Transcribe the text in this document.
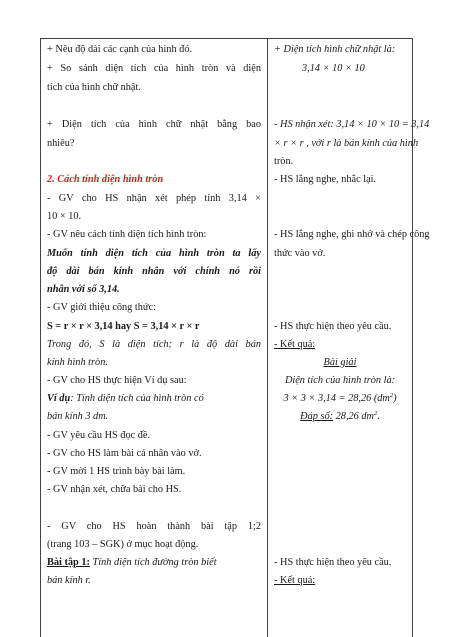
+ Nêu độ dài các cạnh của hình đó.
+ So sánh diện tích của hình tròn và diện
tích của hình chữ nhật.
+ Diện tích của hình chữ nhật bằng bao
nhiêu?
2. Cách tính diện hình tròn
- GV cho HS nhận xét phép tính 3,14 ×
10 × 10.
- GV nêu cách tính diện tích hình tròn:
Muốn tính diện tích của hình tròn ta lấy
độ dài bán kính nhân với chính nó rồi
nhân với số 3,14.
- GV giới thiệu công thức:
S = r × r × 3,14 hay S = 3,14 × r × r
Trong đó, S là diện tích; r là độ dài bán
kính hình tròn.
- GV cho HS thực hiện Ví dụ sau:
Ví dụ: Tính diện tích của hình tròn có
bán kính 3 dm.
- GV yêu cầu HS đọc đề.
- GV cho HS làm bài cá nhân vào vở.
- GV mời 1 HS trình bày bài làm.
- GV nhận xét, chữa bài cho HS.
- GV cho HS hoàn thành bài tập 1;2
(trang 103 – SGK) ở mục hoạt động.
Bài tập 1: Tính diện tích đường tròn biết
bán kính r.
+ Diện tích hình chữ nhật là:
3,14 × 10 × 10
- HS nhận xét: 3,14 × 10 × 10 = 3,14
× r × r , với r là bán kính của hình
tròn.
- HS lắng nghe, nhắc lại.
- HS lắng nghe, ghi nhớ và chép công
thức vào vở.
- HS thực hiện theo yêu cầu.
- Kết quả:
Bài giải
Diện tích của hình tròn là:
3 × 3 × 3,14 = 28,26 $(dm^2)$
Đáp số: 28,26 $dm^2$.
- HS thực hiện theo yêu cầu.
- Kết quả:
